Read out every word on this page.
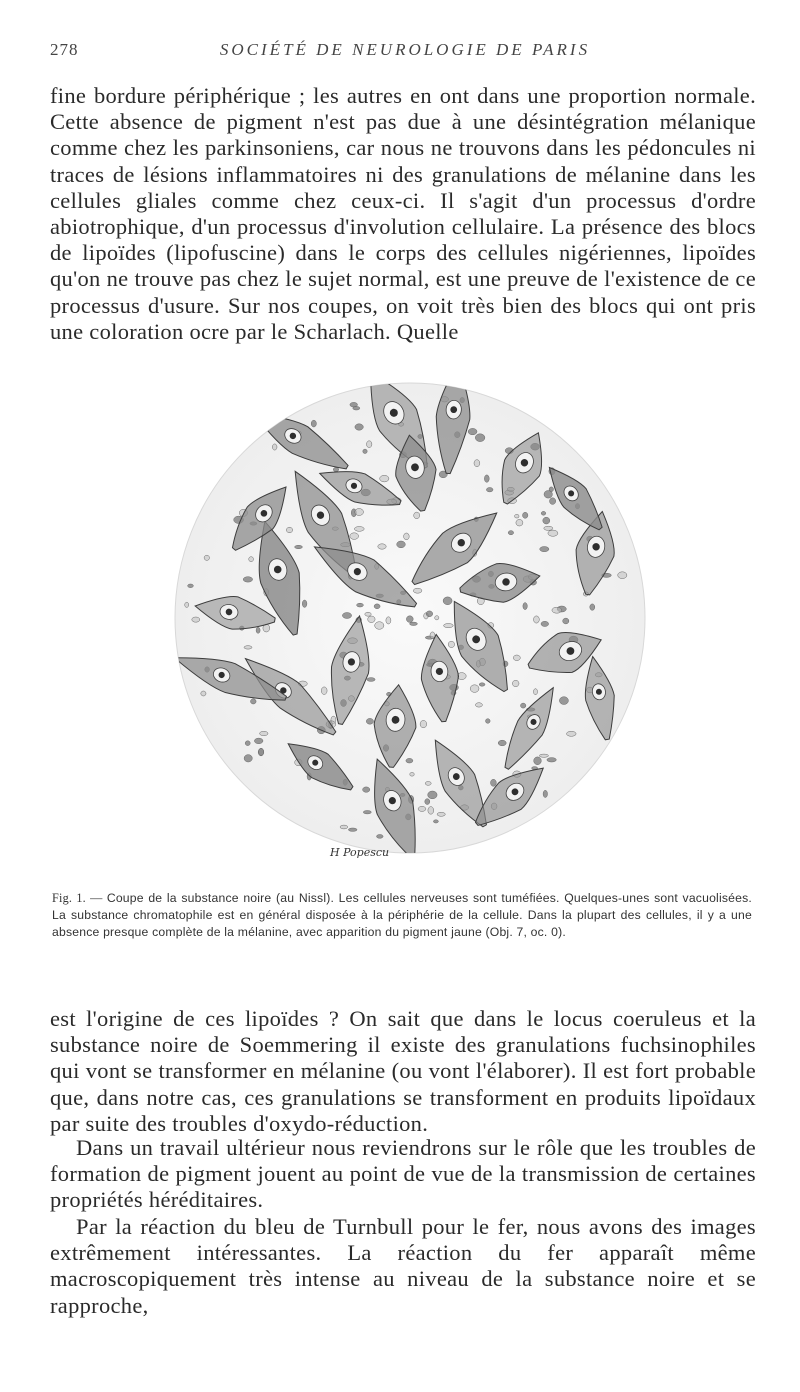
278	SOCIÉTÉ DE NEUROLOGIE DE PARIS

fine bordure périphérique ; les autres en ont dans une proportion normale. Cette absence de pigment n'est pas due à une désintégration mélanique comme chez les parkinsoniens, car nous ne trouvons dans les pédoncules ni traces de lésions inflammatoires ni des granulations de mélanine dans les cellules gliales comme chez ceux-ci. Il s'agit d'un processus d'ordre abiotrophique, d'un processus d'involution cellulaire. La présence des blocs de lipoïdes (lipofuscine) dans le corps des cellules nigériennes, lipoïdes qu'on ne trouve pas chez le sujet normal, est une preuve de l'existence de ce processus d'usure. Sur nos coupes, on voit très bien des blocs qui ont pris une coloration ocre par le Scharlach. Quelle

H Popescu

Fig. 1. — Coupe de la substance noire (au Nissl). Les cellules nerveuses sont tuméfiées. Quelques-unes sont vacuolisées. La substance chromatophile est en général disposée à la périphérie de la cellule. Dans la plupart des cellules, il y a une absence presque complète de la mélanine, avec apparition du pigment jaune (Obj. 7, oc. 0).

est l'origine de ces lipoïdes ? On sait que dans le locus coeruleus et la substance noire de Soemmering il existe des granulations fuchsinophiles qui vont se transformer en mélanine (ou vont l'élaborer). Il est fort probable que, dans notre cas, ces granulations se transforment en produits lipoïdaux par suite des troubles d'oxydo-réduction.

Dans un travail ultérieur nous reviendrons sur le rôle que les troubles de formation de pigment jouent au point de vue de la transmission de certaines propriétés héréditaires.

Par la réaction du bleu de Turnbull pour le fer, nous avons des images extrêmement intéressantes. La réaction du fer apparaît même macroscopiquement très intense au niveau de la substance noire et se rapproche,
